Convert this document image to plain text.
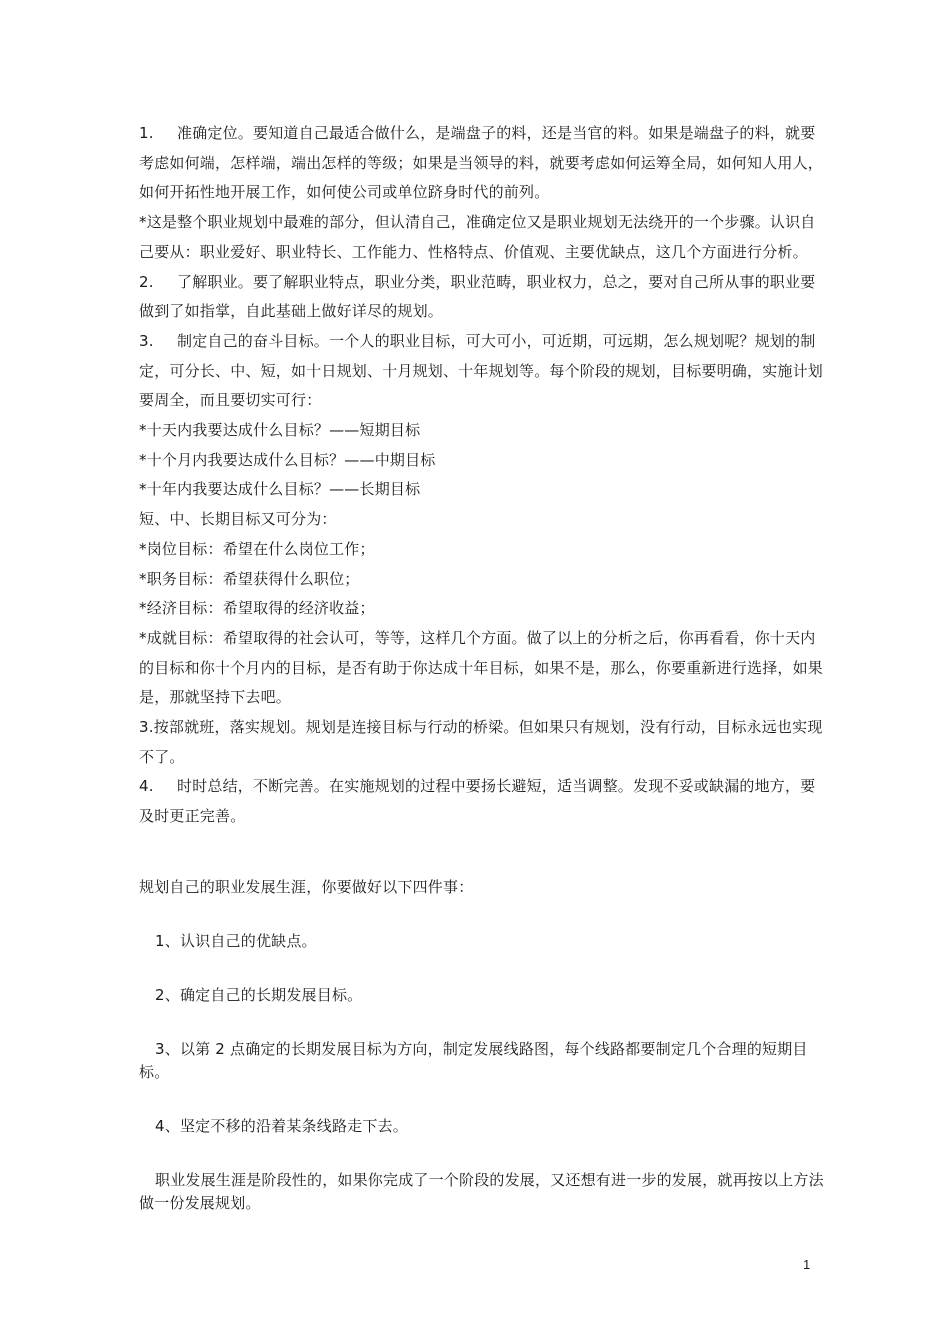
1. 准确定位。要知道自己最适合做什么，是端盘子的料，还是当官的料。如果是端盘子的料，就要考虑如何端，怎样端，端出怎样的等级；如果是当领导的料，就要考虑如何运筹全局，如何知人用人，如何开拓性地开展工作，如何使公司或单位跻身时代的前列。

*这是整个职业规划中最难的部分，但认清自己，准确定位又是职业规划无法绕开的一个步骤。认识自己要从：职业爱好、职业特长、工作能力、性格特点、价值观、主要优缺点，这几个方面进行分析。

2. 了解职业。要了解职业特点，职业分类，职业范畴，职业权力，总之，要对自己所从事的职业要做到了如指掌，自此基础上做好详尽的规划。

3. 制定自己的奋斗目标。一个人的职业目标，可大可小，可近期，可远期，怎么规划呢？规划的制定，可分长、中、短，如十日规划、十月规划、十年规划等。每个阶段的规划，目标要明确，实施计划要周全，而且要切实可行：

*十天内我要达成什么目标？——短期目标

*十个月内我要达成什么目标？——中期目标

*十年内我要达成什么目标？——长期目标

短、中、长期目标又可分为：

*岗位目标：希望在什么岗位工作；

*职务目标：希望获得什么职位；

*经济目标：希望取得的经济收益；

*成就目标：希望取得的社会认可，等等，这样几个方面。做了以上的分析之后，你再看看，你十天内的目标和你十个月内的目标，是否有助于你达成十年目标，如果不是，那么，你要重新进行选择，如果是，那就坚持下去吧。

3.按部就班，落实规划。规划是连接目标与行动的桥梁。但如果只有规划，没有行动，目标永远也实现不了。

4. 时时总结，不断完善。在实施规划的过程中要扬长避短，适当调整。发现不妥或缺漏的地方，要及时更正完善。

规划自己的职业发展生涯，你要做好以下四件事：

1、认识自己的优缺点。

2、确定自己的长期发展目标。

3、以第 2 点确定的长期发展目标为方向，制定发展线路图，每个线路都要制定几个合理的短期目标。

4、坚定不移的沿着某条线路走下去。

职业发展生涯是阶段性的，如果你完成了一个阶段的发展，又还想有进一步的发展，就再按以上方法做一份发展规划。

1
